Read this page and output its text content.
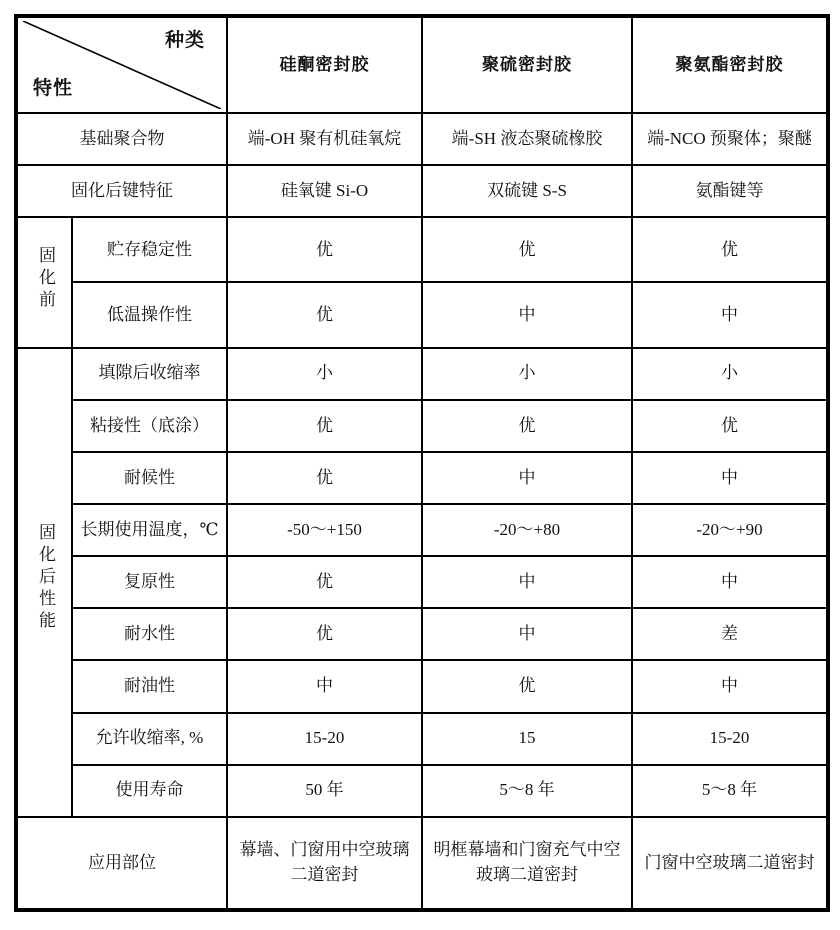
种类
特性		硅酮密封胶	聚硫密封胶	聚氨酯密封胶
基础聚合物		端-OH 聚有机硅氧烷	端-SH 液态聚硫橡胶	端-NCO 预聚体；聚醚
固化后键特征		硅氧键 Si-O	双硫键 S-S	氨酯键等
固化前	贮存稳定性	优	优	优
	低温操作性	优	中	中
固化后性能	填隙后收缩率	小	小	小
	粘接性（底涂）	优	优	优
	耐候性	优	中	中
	长期使用温度，℃	-50～+150	-20～+80	-20～+90
	复原性	优	中	中
	耐水性	优	中	差
	耐油性	中	优	中
	允许收缩率, %	15-20	15	15-20
	使用寿命	50 年	5～8 年	5～8 年
应用部位		幕墙、门窗用中空玻璃二道密封	明框幕墙和门窗充气中空玻璃二道密封	门窗中空玻璃二道密封
